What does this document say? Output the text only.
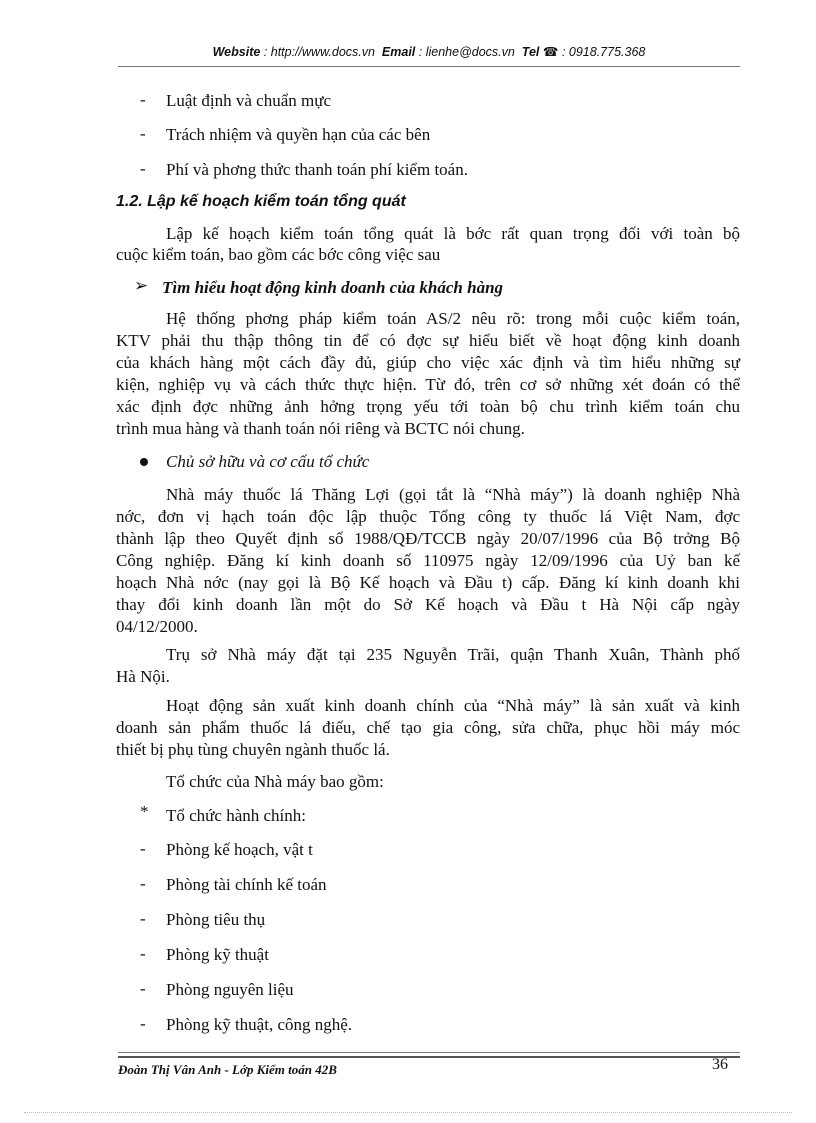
Website : http://www.docs.vn Email : lienhe@docs.vn Tel ☎ : 0918.775.368
- Luật định và chuẩn mực
- Trách nhiệm và quyền hạn của các bên
- Phí và phơng thức thanh toán phí kiểm toán.
1.2. Lập kế hoạch kiểm toán tổng quát
Lập kế hoạch kiểm toán tổng quát là bớc rất quan trọng đối với toàn bộ
cuộc kiểm toán, bao gồm các bớc công việc sau
➢ Tìm hiểu hoạt động kinh doanh của khách hàng
Hệ thống phơng pháp kiểm toán AS/2 nêu rõ: trong mỗi cuộc kiểm toán,
KTV phải thu thập thông tin để có đợc sự hiểu biết về hoạt động kinh doanh
của khách hàng một cách đầy đủ, giúp cho việc xác định và tìm hiểu những sự
kiện, nghiệp vụ và cách thức thực hiện. Từ đó, trên cơ sở những xét đoán có thể
xác định đợc những ảnh hởng trọng yếu tới toàn bộ chu trình kiểm toán chu
trình mua hàng và thanh toán nói riêng và BCTC nói chung.
Chủ sở hữu và cơ cấu tổ chức
Nhà máy thuốc lá Thăng Lợi (gọi tắt là “Nhà máy”) là doanh nghiệp Nhà
nớc, đơn vị hạch toán độc lập thuộc Tổng công ty thuốc lá Việt Nam, đợc
thành lập theo Quyết định số 1988/QĐ/TCCB ngày 20/07/1996 của Bộ trởng Bộ
Công nghiệp. Đăng kí kinh doanh số 110975 ngày 12/09/1996 của Uỷ ban kế
hoạch Nhà nớc (nay gọi là Bộ Kế hoạch và Đầu t) cấp. Đăng kí kinh doanh khi
thay đổi kinh doanh lần một do Sở Kế hoạch và Đầu t Hà Nội cấp ngày
04/12/2000.
Trụ sở Nhà máy đặt tại 235 Nguyễn Trãi, quận Thanh Xuân, Thành phố
Hà Nội.
Hoạt động sản xuất kinh doanh chính của “Nhà máy” là sản xuất và kinh
doanh sản phẩm thuốc lá điếu, chế tạo gia công, sửa chữa, phục hồi máy móc
thiết bị phụ tùng chuyên ngành thuốc lá.
Tổ chức của Nhà máy bao gồm:
* Tổ chức hành chính:
- Phòng kế hoạch, vật t
- Phòng tài chính kế toán
- Phòng tiêu thụ
- Phòng kỹ thuật
- Phòng nguyên liệu
- Phòng kỹ thuật, công nghệ.
Đoàn Thị Vân Anh - Lớp Kiểm toán 42B	36
